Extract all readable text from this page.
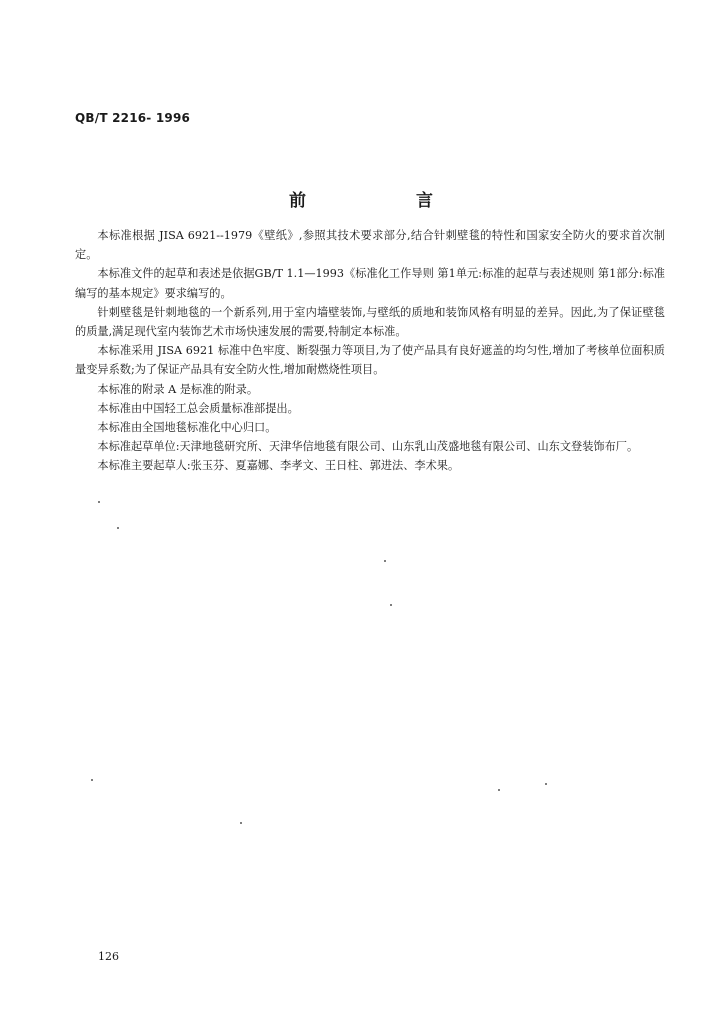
QB/T 2216- 1996
前 言

本标准根据 JISA 6921--1979《壁纸》,参照其技术要求部分,结合针刺壁毯的特性和国家安全防火的要求首次制定。

本标准文件的起草和表述是依据GB/T 1.1—1993《标准化工作导则 第1单元:标准的起草与表述规则 第1部分:标准编写的基本规定》要求编写的。

针刺壁毯是针刺地毯的一个新系列,用于室内墙壁装饰,与壁纸的质地和装饰风格有明显的差异。因此,为了保证壁毯的质量,满足现代室内装饰艺术市场快速发展的需要,特制定本标准。

本标准采用 JISA 6921 标准中色牢度、断裂强力等项目,为了使产品具有良好遮盖的均匀性,增加了考核单位面积质量变异系数;为了保证产品具有安全防火性,增加耐燃烧性项目。

本标准的附录 A 是标准的附录。

本标准由中国轻工总会质量标准部提出。

本标准由全国地毯标准化中心归口。

本标准起草单位:天津地毯研究所、天津华信地毯有限公司、山东乳山茂盛地毯有限公司、山东文登装饰布厂。

本标准主要起草人:张玉芬、夏嘉娜、李孝文、王日柱、郭进法、李术果。

126
